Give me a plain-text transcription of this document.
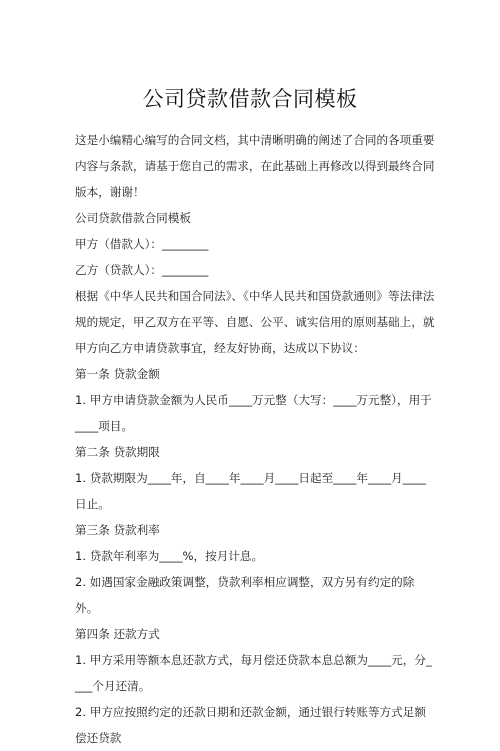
公司贷款借款合同模板

这是小编精心编写的合同文档，其中清晰明确的阐述了合同的各项重要内容与条款，请基于您自己的需求，在此基础上再修改以得到最终合同版本，谢谢！

公司贷款借款合同模板

甲方（借款人）：________

乙方（贷款人）：________

根据《中华人民共和国合同法》、《中华人民共和国贷款通则》等法律法规的规定，甲乙双方在平等、自愿、公平、诚实信用的原则基础上，就甲方向乙方申请贷款事宜，经友好协商，达成以下协议：

第一条 贷款金额

1. 甲方申请贷款金额为人民币____万元整（大写：____万元整），用于____项目。

第二条 贷款期限

1. 贷款期限为____年，自____年____月____日起至____年____月____日止。

第三条 贷款利率

1. 贷款年利率为____%，按月计息。

2. 如遇国家金融政策调整，贷款利率相应调整，双方另有约定的除外。

第四条 还款方式

1. 甲方采用等额本息还款方式，每月偿还贷款本息总额为____元，分____个月还清。

2. 甲方应按照约定的还款日期和还款金额，通过银行转账等方式足额偿还贷款
